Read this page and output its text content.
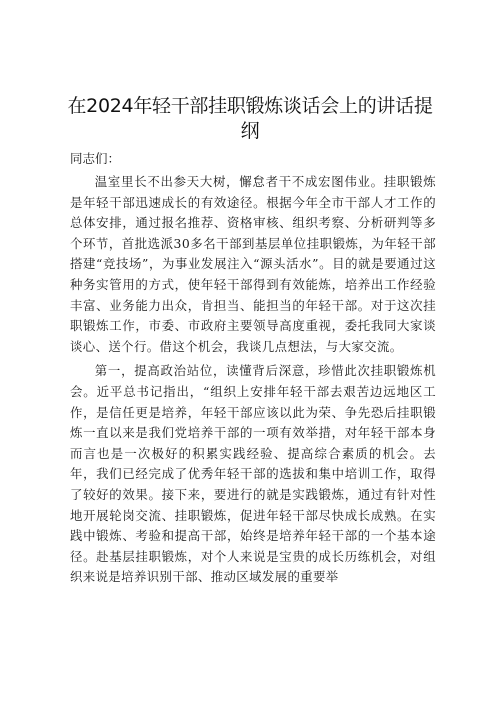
在2024年轻干部挂职锻炼谈话会上的讲话提纲

同志们：

温室里长不出参天大树，懈怠者干不成宏图伟业。挂职锻炼是年轻干部迅速成长的有效途径。根据今年全市干部人才工作的总体安排，通过报名推荐、资格审核、组织考察、分析研判等多个环节，首批选派30多名干部到基层单位挂职锻炼，为年轻干部搭建“竞技场”，为事业发展注入“源头活水”。目的就是要通过这种务实管用的方式，使年轻干部得到有效能炼，培养出工作经验丰富、业务能力出众，肯担当、能担当的年轻干部。对于这次挂职锻炼工作，市委、市政府主要领导高度重视，委托我同大家谈谈心、送个行。借这个机会，我谈几点想法，与大家交流。

第一，提高政治站位，读懂背后深意，珍惜此次挂职锻炼机会。近平总书记指出，“组织上安排年轻干部去艰苦边远地区工作，是信任更是培养，年轻干部应该以此为荣、争先恐后挂职锻炼一直以来是我们党培养干部的一项有效举措，对年轻干部本身而言也是一次极好的积累实践经验、提高综合素质的机会。去年，我们已经完成了优秀年轻干部的选拔和集中培训工作，取得了较好的效果。接下来，要进行的就是实践锻炼，通过有针对性地开展轮岗交流、挂职锻炼，促进年轻干部尽快成长成熟。在实践中锻炼、考验和提高干部，始终是培养年轻干部的一个基本途径。赴基层挂职锻炼，对个人来说是宝贵的成长历练机会，对组织来说是培养识别干部、推动区域发展的重要举
